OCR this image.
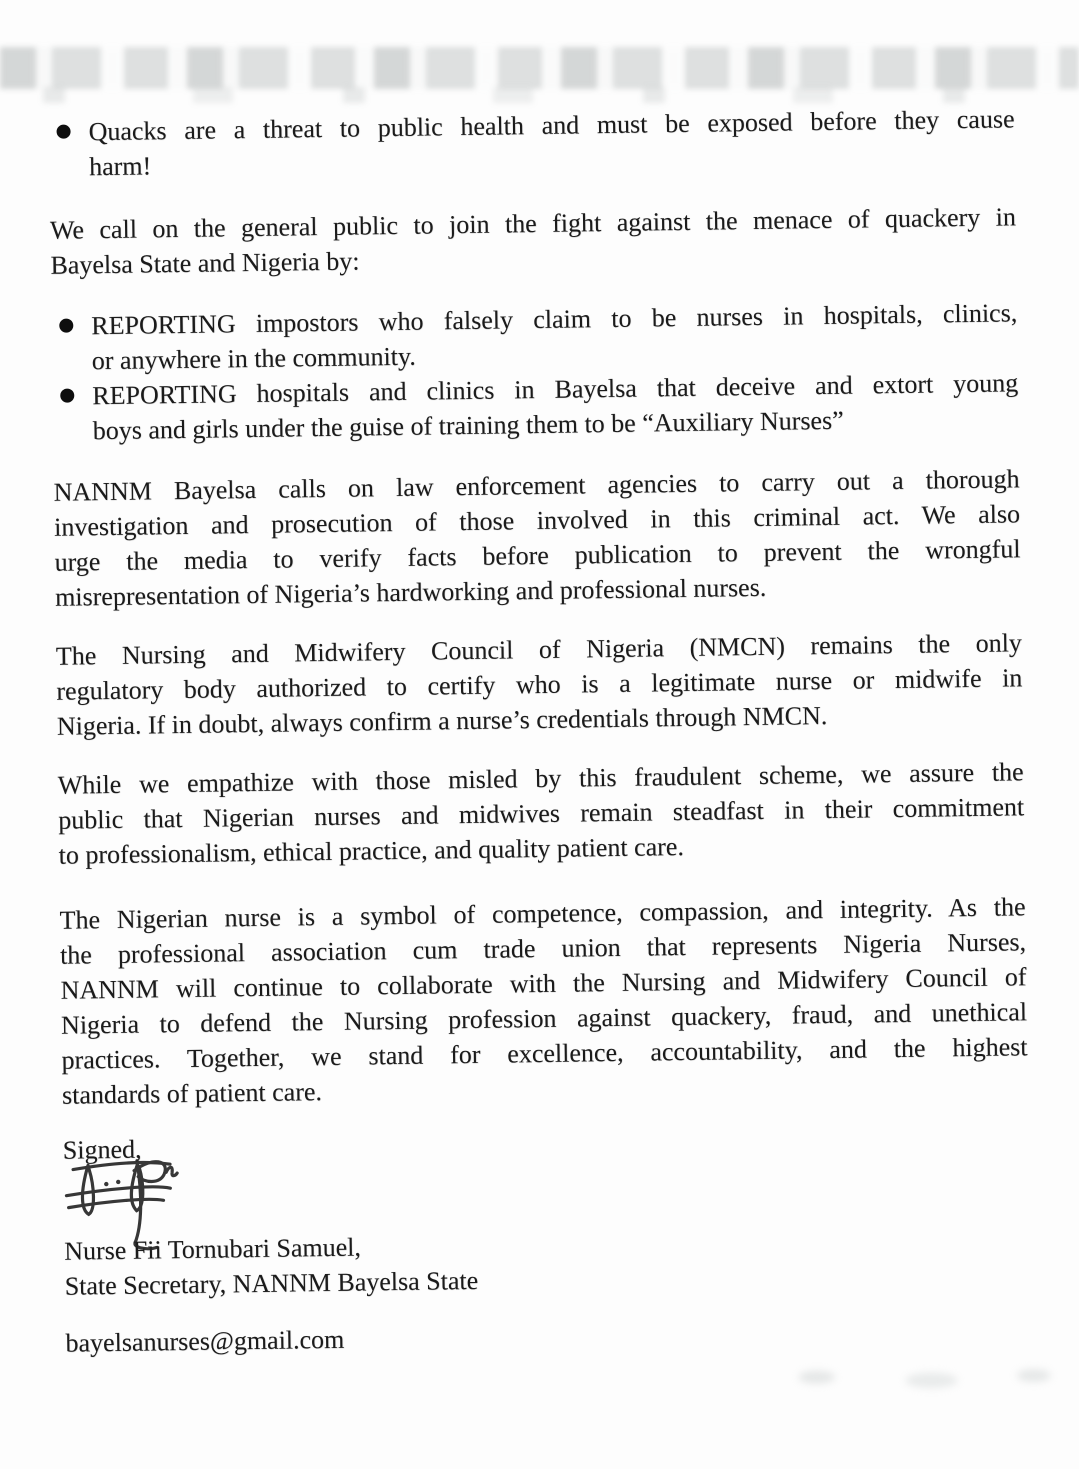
Quacks are a threat to public health and must be exposed before they cause
harm!
We call on the general public to join the fight against the menace of quackery in
Bayelsa State and Nigeria by:
REPORTING impostors who falsely claim to be nurses in hospitals, clinics,
or anywhere in the community.
REPORTING hospitals and clinics in Bayelsa that deceive and extort young
boys and girls under the guise of training them to be “Auxiliary Nurses”
NANNM Bayelsa calls on law enforcement agencies to carry out a thorough
investigation and prosecution of those involved in this criminal act. We also
urge the media to verify facts before publication to prevent the wrongful
misrepresentation of Nigeria’s hardworking and professional nurses.
The Nursing and Midwifery Council of Nigeria (NMCN) remains the only
regulatory body authorized to certify who is a legitimate nurse or midwife in
Nigeria. If in doubt, always confirm a nurse’s credentials through NMCN.
While we empathize with those misled by this fraudulent scheme, we assure the
public that Nigerian nurses and midwives remain steadfast in their commitment
to professionalism, ethical practice, and quality patient care.
The Nigerian nurse is a symbol of competence, compassion, and integrity. As the
the professional association cum trade union that represents Nigeria Nurses,
NANNM will continue to collaborate with the Nursing and Midwifery Council of
Nigeria to defend the Nursing profession against quackery, fraud, and unethical
practices. Together, we stand for excellence, accountability, and the highest
standards of patient care.
Signed,
Nurse Fii Tornubari Samuel,
State Secretary, NANNM Bayelsa State
bayelsanurses@gmail.com
